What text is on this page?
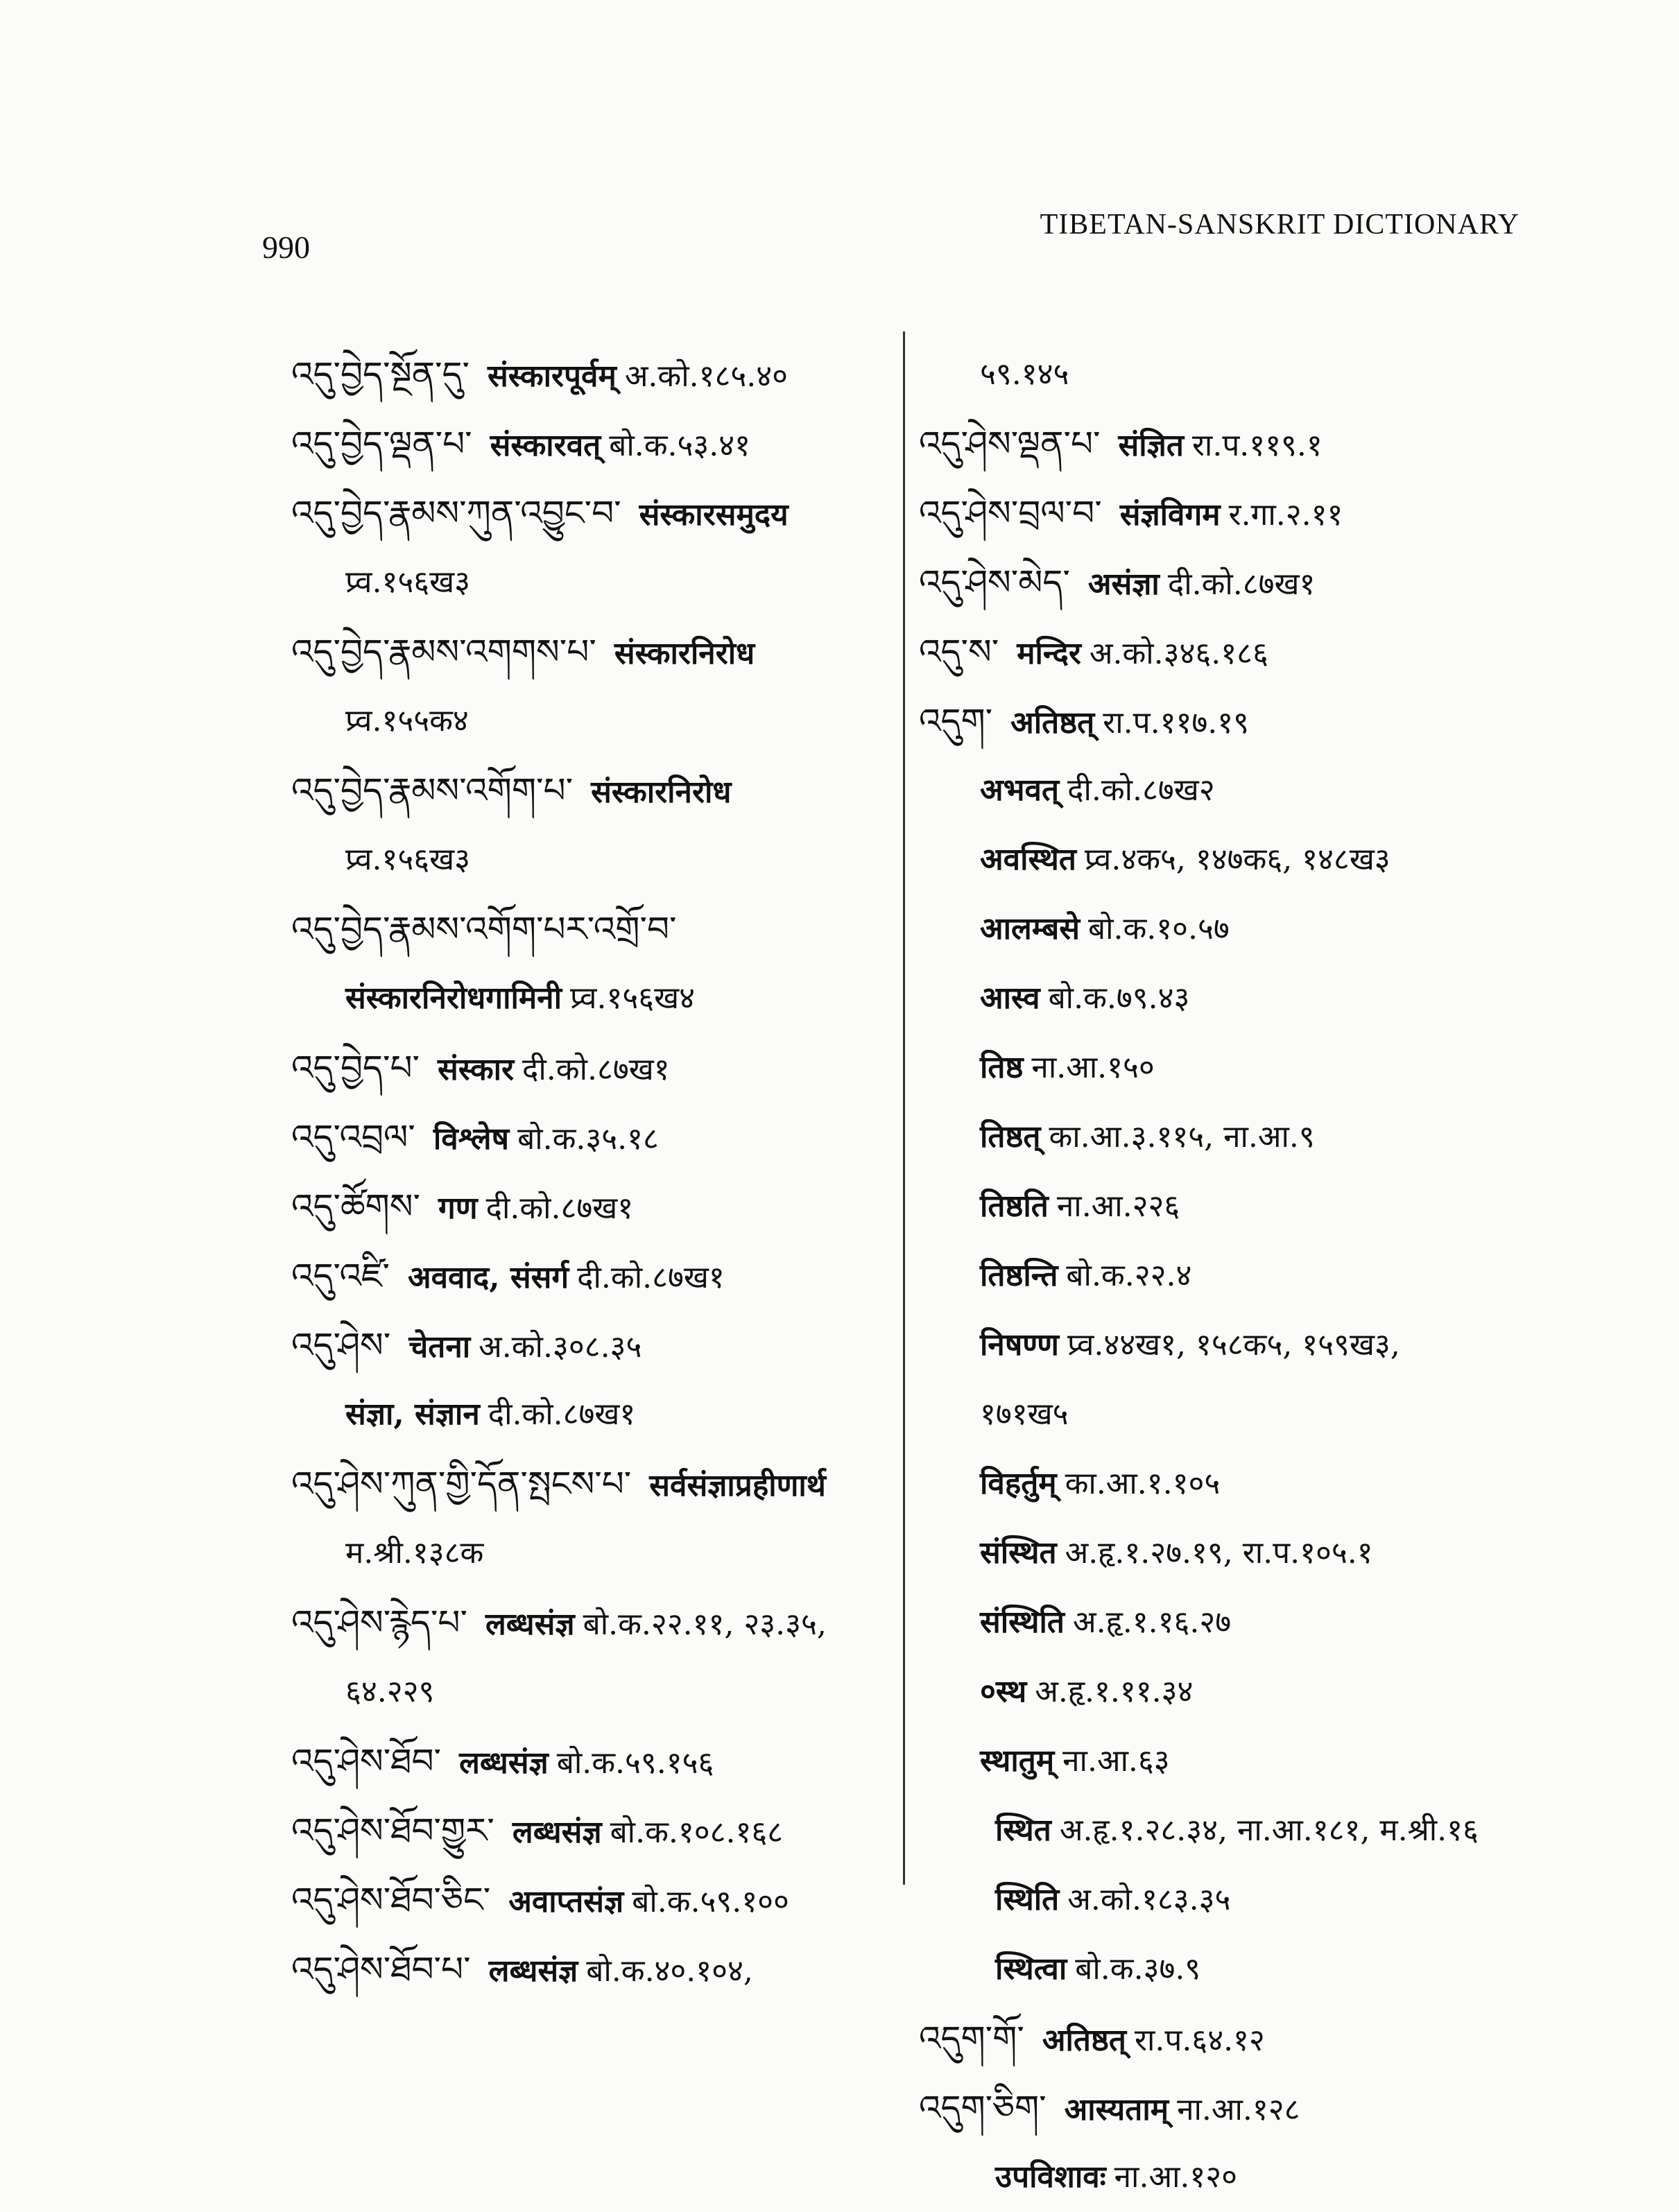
990
TIBETAN-SANSKRIT DICTIONARY
འདུ་བྱེད་སྔོན་དུ་ संस्कारपूर्वम् अ.को.१८५.४०
འདུ་བྱེད་ལྡན་པ་ संस्कारवत् बो.क.५३.४१
འདུ་བྱེད་རྣམས་ཀུན་འབྱུང་བ་ संस्कारसमुदय
प्र्व.१५६ख३
འདུ་བྱེད་རྣམས་འགགས་པ་ संस्कारनिरोध
प्र्व.१५५क४
འདུ་བྱེད་རྣམས་འགོག་པ་ संस्कारनिरोध
प्र्व.१५६ख३
འདུ་བྱེད་རྣམས་འགོག་པར་འགྲོ་བ་
संस्कारनिरोधगामिनी प्र्व.१५६ख४
འདུ་བྱེད་པ་ संस्कार दी.को.८७ख१
འདུ་འབྲལ་ विश्लेष बो.क.३५.१८
འདུ་ཚོགས་ गण दी.को.८७ख१
འདུ་འཛི་ अववाद, संसर्ग दी.को.८७ख१
འདུ་ཤེས་ चेतना अ.को.३०८.३५
संज्ञा, संज्ञान दी.को.८७ख१
འདུ་ཤེས་ཀུན་གྱི་དོན་སྤངས་པ་ सर्वसंज्ञाप्रहीणार्थ
म.श्री.१३८क
འདུ་ཤེས་རྙེད་པ་ लब्धसंज्ञ बो.क.२२.११, २३.३५,
६४.२२९
འདུ་ཤེས་ཐོབ་ लब्धसंज्ञ बो.क.५९.१५६
འདུ་ཤེས་ཐོབ་གྱུར་ लब्धसंज्ञ बो.क.१०८.१६८
འདུ་ཤེས་ཐོབ་ཅིང་ अवाप्तसंज्ञ बो.क.५९.१००
འདུ་ཤེས་ཐོབ་པ་ लब्धसंज्ञ बो.क.४०.१०४,
५९.१४५
འདུ་ཤེས་ལྡན་པ་ संज्ञित रा.प.११९.१
འདུ་ཤེས་བྲལ་བ་ संज्ञविगम र.गा.२.११
འདུ་ཤེས་མེད་ असंज्ञा दी.को.८७ख१
འདུ་ས་ मन्दिर अ.को.३४६.१८६
འདུག་ अतिष्ठत् रा.प.११७.१९
अभवत् दी.को.८७ख२
अवस्थित प्र्व.४क५, १४७क६, १४८ख३
आलम्बसे बो.क.१०.५७
आस्व बो.क.७९.४३
तिष्ठ ना.आ.१५०
तिष्ठत् का.आ.३.११५, ना.आ.९
तिष्ठति ना.आ.२२६
तिष्ठन्ति बो.क.२२.४
निषण्ण प्र्व.४४ख१, १५८क५, १५९ख३,
१७१ख५
विहर्तुम् का.आ.१.१०५
संस्थित अ.हृ.१.२७.१९, रा.प.१०५.१
संस्थिति अ.हृ.१.१६.२७
०स्थ अ.हृ.१.११.३४
स्थातुम् ना.आ.६३
स्थित अ.हृ.१.२८.३४, ना.आ.१८१, म.श्री.१६
स्थिति अ.को.१८३.३५
स्थित्वा बो.क.३७.९
འདུག་གོ་ अतिष्ठत् रा.प.६४.१२
འདུག་ཅིག་ आस्यताम् ना.आ.१२८
उपविशावः ना.आ.१२०
